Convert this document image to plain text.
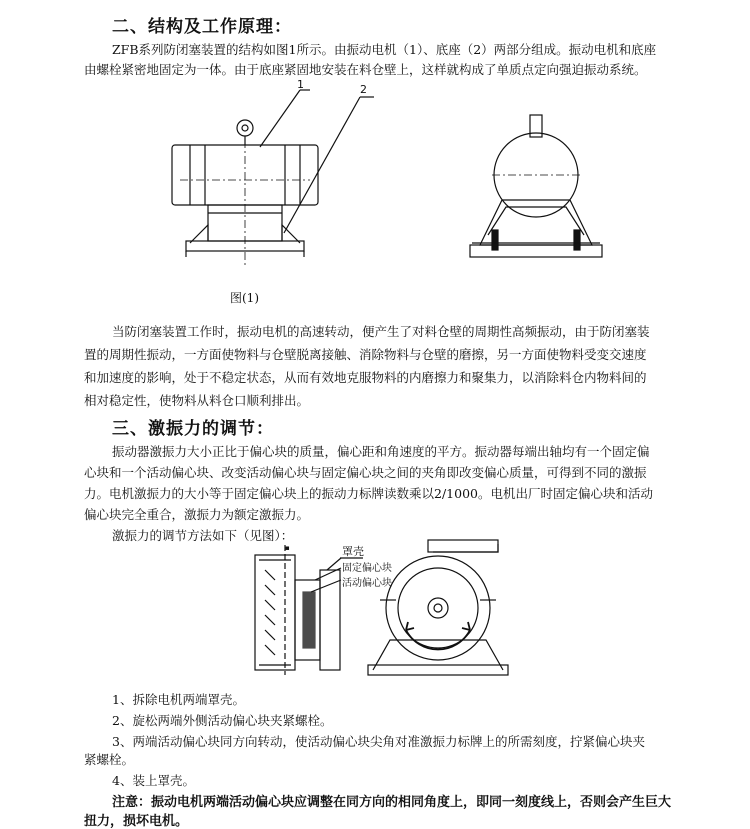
二、结构及工作原理：
ZFB系列防闭塞装置的结构如图1所示。由振动电机（1）、底座（2）两部分组成。振动电机和底座
由螺栓紧密地固定为一体。由于底座紧固地安装在料仓壁上，这样就构成了单质点定向强迫振动系统。
图(1)
1	2
当防闭塞装置工作时，振动电机的高速转动，便产生了对料仓壁的周期性高频振动，由于防闭塞装
置的周期性振动，一方面使物料与仓壁脱离接触、消除物料与仓壁的磨擦，另一方面使物料受变交速度
和加速度的影响，处于不稳定状态，从而有效地克服物料的内磨擦力和聚集力，以消除料仓内物料间的
相对稳定性，使物料从料仓口顺利排出。
三、激振力的调节：
振动器激振力大小正比于偏心块的质量，偏心距和角速度的平方。振动器每端出轴均有一个固定偏
心块和一个活动偏心块、改变活动偏心块与固定偏心块之间的夹角即改变偏心质量，可得到不同的激振
力。电机激振力的大小等于固定偏心块上的振动力标牌读数乘以2/1000。电机出厂时固定偏心块和活动
偏心块完全重合，激振力为额定激振力。
激振力的调节方法如下（见图）：
▪	罩壳
固定偏心块
活动偏心块
1、拆除电机两端罩壳。
2、旋松两端外侧活动偏心块夹紧螺栓。
3、两端活动偏心块同方向转动，使活动偏心块尖角对准激振力标牌上的所需刻度，拧紧偏心块夹
紧螺栓。
4、装上罩壳。
注意：振动电机两端活动偏心块应调整在同方向的相同角度上，即同一刻度线上，否则会产生巨大
扭力，损坏电机。
